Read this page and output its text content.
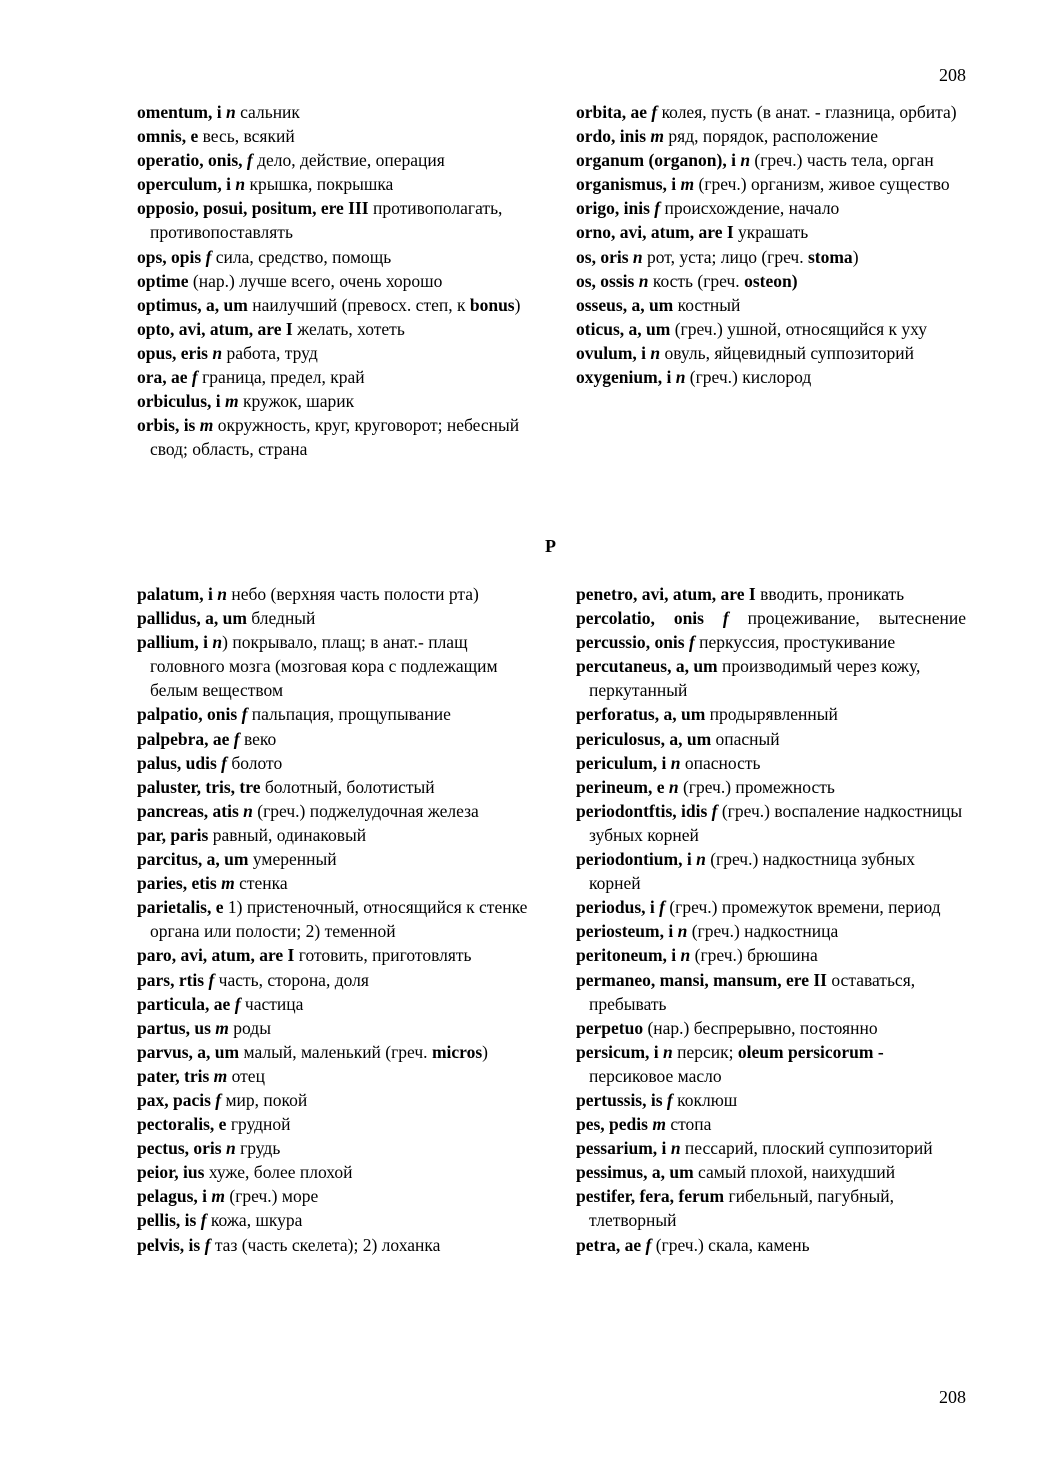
208

omentum, i n сальник

omnis, e весь, всякий

operatio, onis, f дело, действие, операция

operculum, i n крышка, покрышка

opposio, posui, positum, ere III противополагать, противопоставлять

ops, opis f сила, средство, помощь

optime (нар.) лучше всего, очень хорошо

optimus, a, um наилучший (превосх. степ, к bonus)

opto, avi, atum, are I желать, хотеть

opus, eris n работа, труд

ora, ae f граница, предел, край

orbiculus, i m кружок, шарик

orbis, is m окружность, круг, круговорот; небесный свод; область, страна

orbita, ae f колея, пусть (в анат. - глазница, орбита)

ordo, inis m ряд, порядок, расположение

organum (organon), i n (греч.) часть тела, орган

organismus, i m (греч.) организм, живое существо

origo, inis f происхождение, начало

orno, avi, atum, are I украшать

os, oris n рот, уста; лицо (греч. stoma)

os, ossis n кость (греч. osteon)

osseus, a, um костный

oticus, a, um (греч.) ушной, относящийся к уху

ovulum, i n овуль, яйцевидный суппозиторий

oxygenium, i n (греч.) кислород

P

palatum, i n небо (верхняя часть полости рта)

pallidus, a, um бледный

pallium, i n) покрывало, плащ; в анат.- плащ головного мозга (мозговая кора с подлежащим белым веществом

palpatio, onis f пальпация, прощупывание

palpebra, ae f веко

palus, udis f болото

paluster, tris, tre болотный, болотистый

pancreas, atis n (греч.) поджелудочная железа

par, paris равный, одинаковый

parcitus, a, um умеренный

paries, etis m стенка

parietalis, e 1) пристеночный, относящийся к стенке органа или полости; 2) теменной

paro, avi, atum, are I готовить, приготовлять

pars, rtis f часть, сторона, доля

particula, ae f частица

partus, us m роды

parvus, a, um малый, маленький (греч. micros)

pater, tris m отец

pax, pacis f мир, покой

pectoralis, e грудной

pectus, oris n грудь

peior, ius хуже, более плохой

pelagus, i m (греч.) море

pellis, is f кожа, шкура

pelvis, is f таз (часть скелета); 2) лоханка

penetro, avi, atum, are I вводить, проникать

percolatio, onis f процеживание, вытеснение

percussio, onis f перкуссия, простукивание

percutaneus, a, um производимый через кожу, перкутанный

perforatus, a, um продырявленный

periculosus, a, um опасный

periculum, i n опасность

perineum, e n (греч.) промежность

periodontftis, idis f (греч.) воспаление надкостницы зубных корней

periodontium, i n (греч.) надкостница зубных корней

periodus, i f (греч.) промежуток времени, период

periosteum, i n (греч.) надкостница

peritoneum, i n (греч.) брюшина

permaneo, mansi, mansum, ere II оставаться, пребывать

perpetuo (нар.) беспрерывно, постоянно

persicum, i n персик; oleum persicorum - персиковое масло

pertussis, is f коклюш

pes, pedis m стопа

pessarium, i n пессарий, плоский суппозиторий

pessimus, a, um самый плохой, наихудший

pestifer, fera, ferum гибельный, пагубный, тлетворный

petra, ae f (греч.) скала, камень

208
